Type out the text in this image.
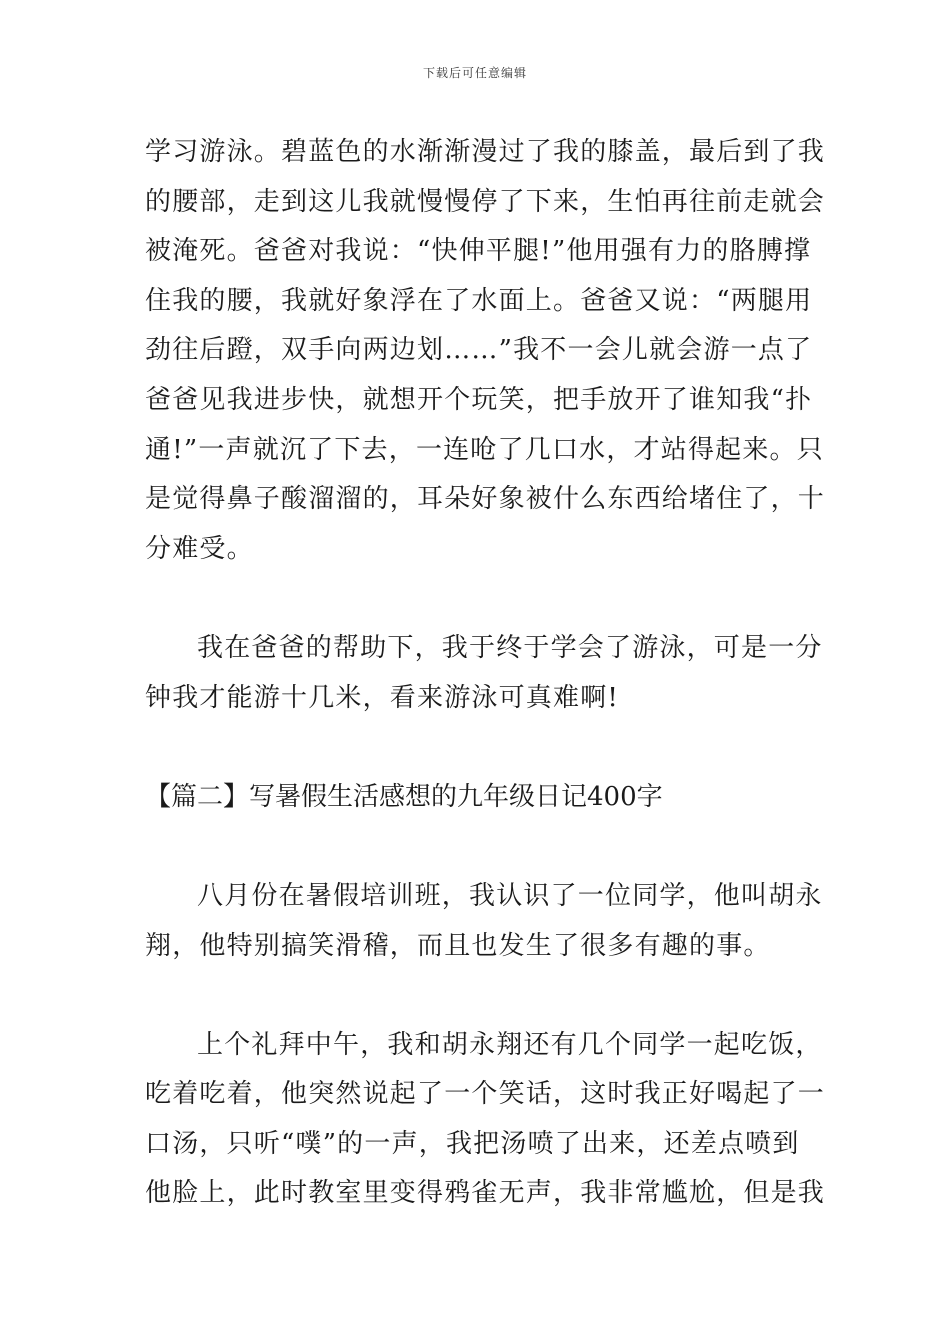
下载后可任意编辑
学习游泳。碧蓝色的水渐渐漫过了我的膝盖，最后到了我
的腰部，走到这儿我就慢慢停了下来，生怕再往前走就会
被淹死。爸爸对我说：“快伸平腿!”他用强有力的胳膊撑
住我的腰，我就好象浮在了水面上。爸爸又说：“两腿用
劲往后蹬，双手向两边划……”我不一会儿就会游一点了
爸爸见我进步快，就想开个玩笑，把手放开了谁知我“扑
通!”一声就沉了下去，一连呛了几口水，才站得起来。只
是觉得鼻子酸溜溜的，耳朵好象被什么东西给堵住了，十
分难受。
我在爸爸的帮助下，我于终于学会了游泳，可是一分
钟我才能游十几米，看来游泳可真难啊!
【篇二】写暑假生活感想的九年级日记400字
八月份在暑假培训班，我认识了一位同学，他叫胡永
翔，他特别搞笑滑稽，而且也发生了很多有趣的事。
上个礼拜中午，我和胡永翔还有几个同学一起吃饭，
吃着吃着，他突然说起了一个笑话，这时我正好喝起了一
口汤，只听“噗”的一声，我把汤喷了出来，还差点喷到
他脸上，此时教室里变得鸦雀无声，我非常尴尬，但是我
